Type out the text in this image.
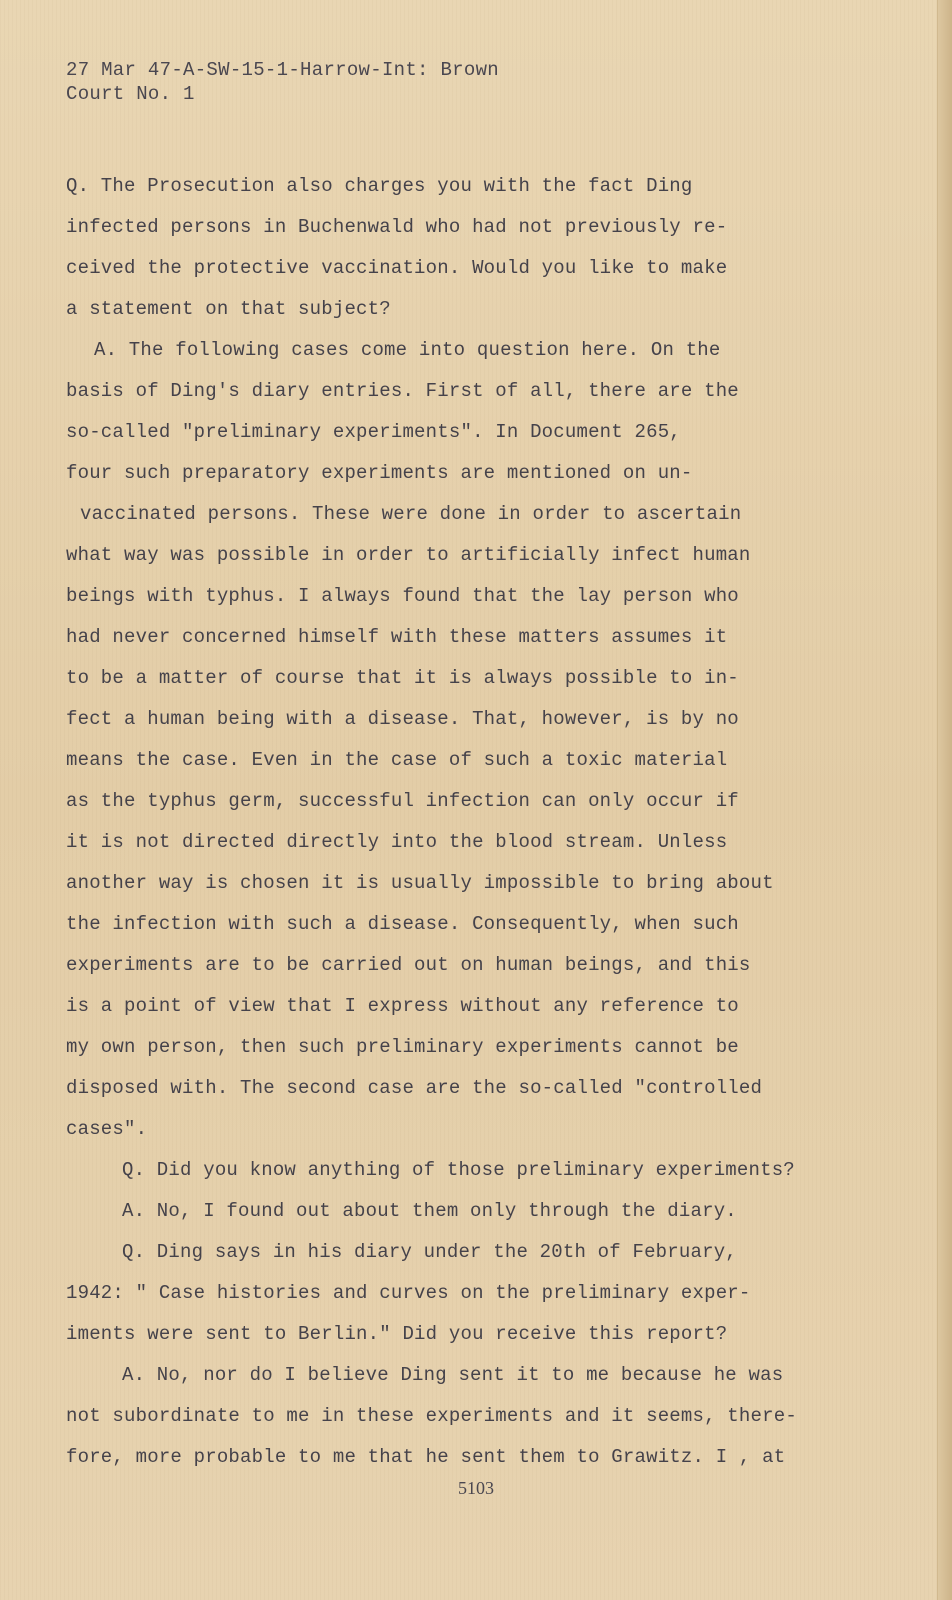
27 Mar 47-A-SW-15-1-Harrow-Int: Brown
Court No. 1
Q. The Prosecution also charges you with the fact Ding
infected persons in Buchenwald who had not previously re-
ceived the protective vaccination. Would you like to make
a statement on that subject?
A. The following cases come into question here. On the
basis of Ding's diary entries. First of all, there are the
so-called "preliminary experiments". In Document 265,
four such preparatory experiments are mentioned on un-
vaccinated persons. These were done in order to ascertain
what way was possible in order to artificially infect human
beings with typhus. I always found that the lay person who
had never concerned himself with these matters assumes it
to be a matter of course that it is always possible to in-
fect a human being with a disease. That, however, is by no
means the case. Even in the case of such a toxic material
as the typhus germ, successful infection can only occur if
it is not directed directly into the blood stream. Unless
another way is chosen it is usually impossible to bring about
the infection with such a disease. Consequently, when such
experiments are to be carried out on human beings, and this
is a point of view that I express without any reference to
my own person, then such preliminary experiments cannot be
disposed with. The second case are the so-called "controlled
cases".
Q. Did you know anything of those preliminary experiments?
A. No, I found out about them only through the diary.
Q. Ding says in his diary under the 20th of February,
1942: " Case histories and curves on the preliminary exper-
iments were sent to Berlin." Did you receive this report?
A. No, nor do I believe Ding sent it to me because he was
not subordinate to me in these experiments and it seems, there-
fore, more probable to me that he sent them to Grawitz. I , at
5103
